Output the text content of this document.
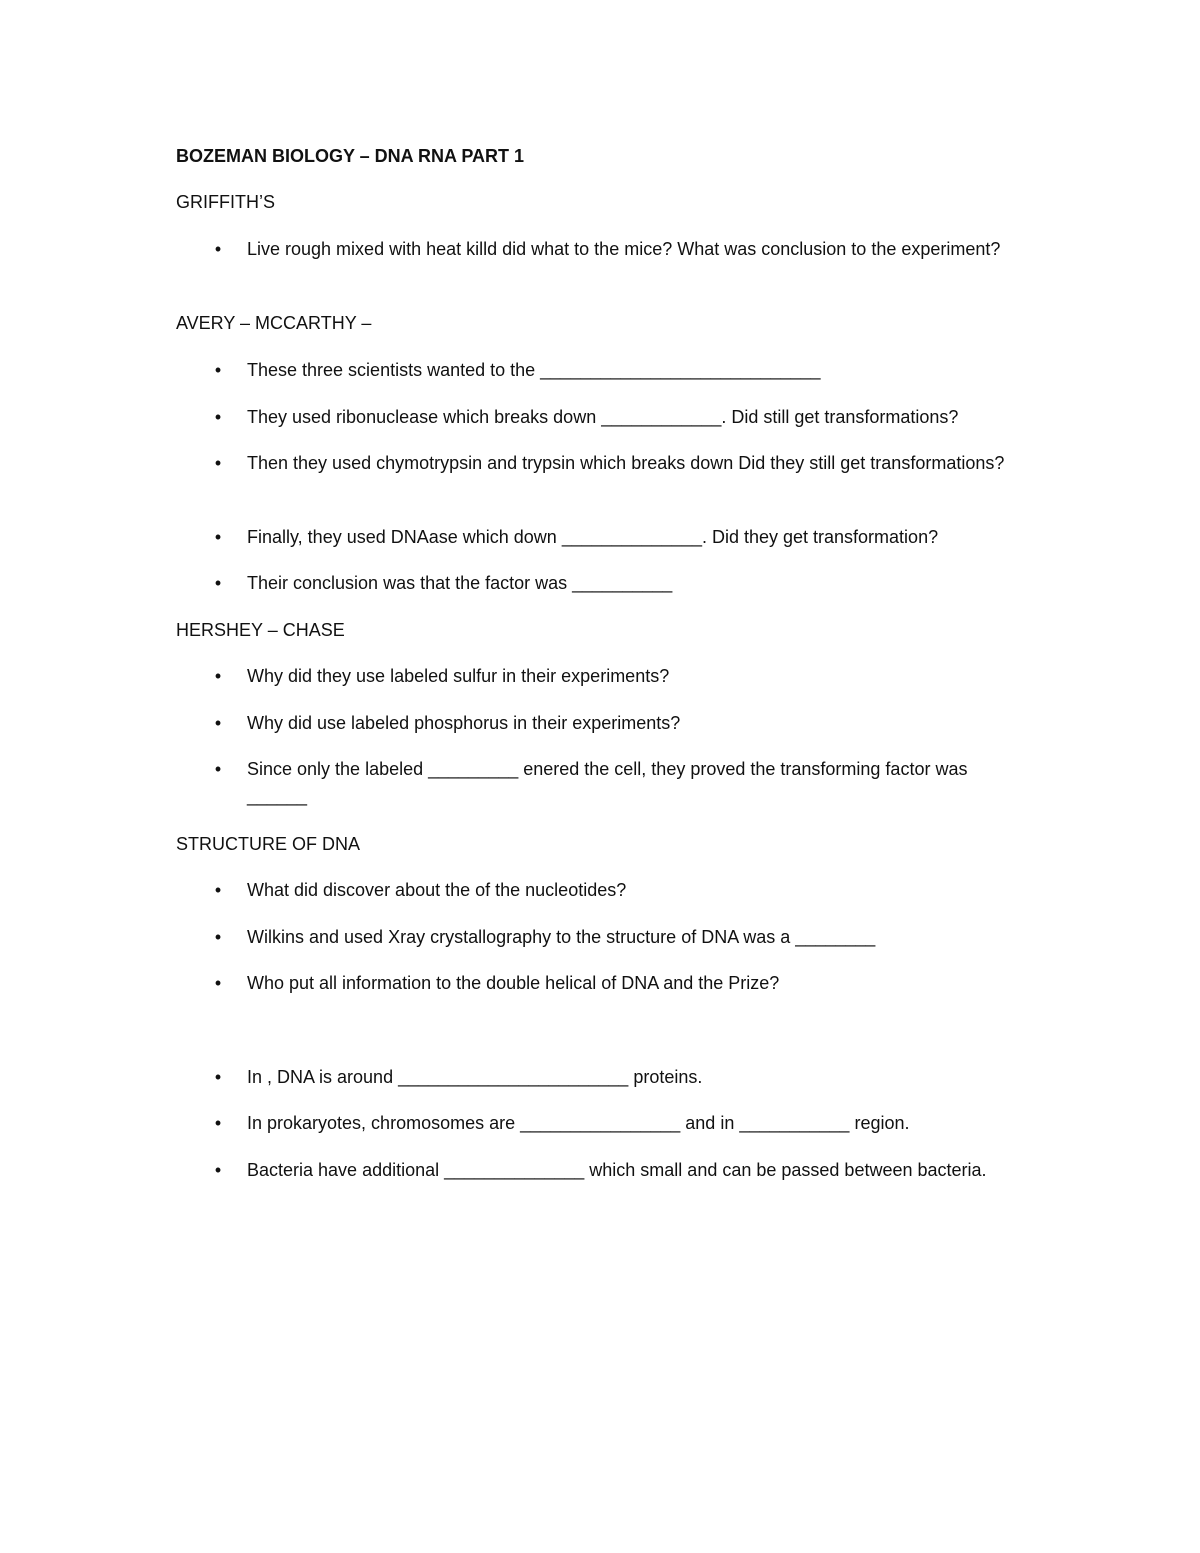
BOZEMAN BIOLOGY – DNA RNA PART 1
GRIFFITH’S
• Live rough mixed with heat killd did what to the mice? What was conclusion to the experiment?
AVERY – MCCARTHY –
• These three scientists wanted to the ____________________________
• They used ribonuclease which breaks down ____________. Did still get transformations?
• Then they used chymotrypsin and trypsin which breaks down Did they still get transformations?
• Finally, they used DNAase which down ______________. Did they get transformation?
• Their conclusion was that the factor was __________
HERSHEY – CHASE
• Why did they use labeled sulfur in their experiments?
• Why did use labeled phosphorus in their experiments?
• Since only the labeled _________ enered the cell, they proved the transforming factor was ______
STRUCTURE OF DNA
• What did discover about the of the nucleotides?
• Wilkins and used Xray crystallography to the structure of DNA was a ________
• Who put all information to the double helical of DNA and the Prize?
• In , DNA is around _______________________ proteins.
• In prokaryotes, chromosomes are ________________ and in ___________ region.
• Bacteria have additional ______________ which small and can be passed between bacteria.
